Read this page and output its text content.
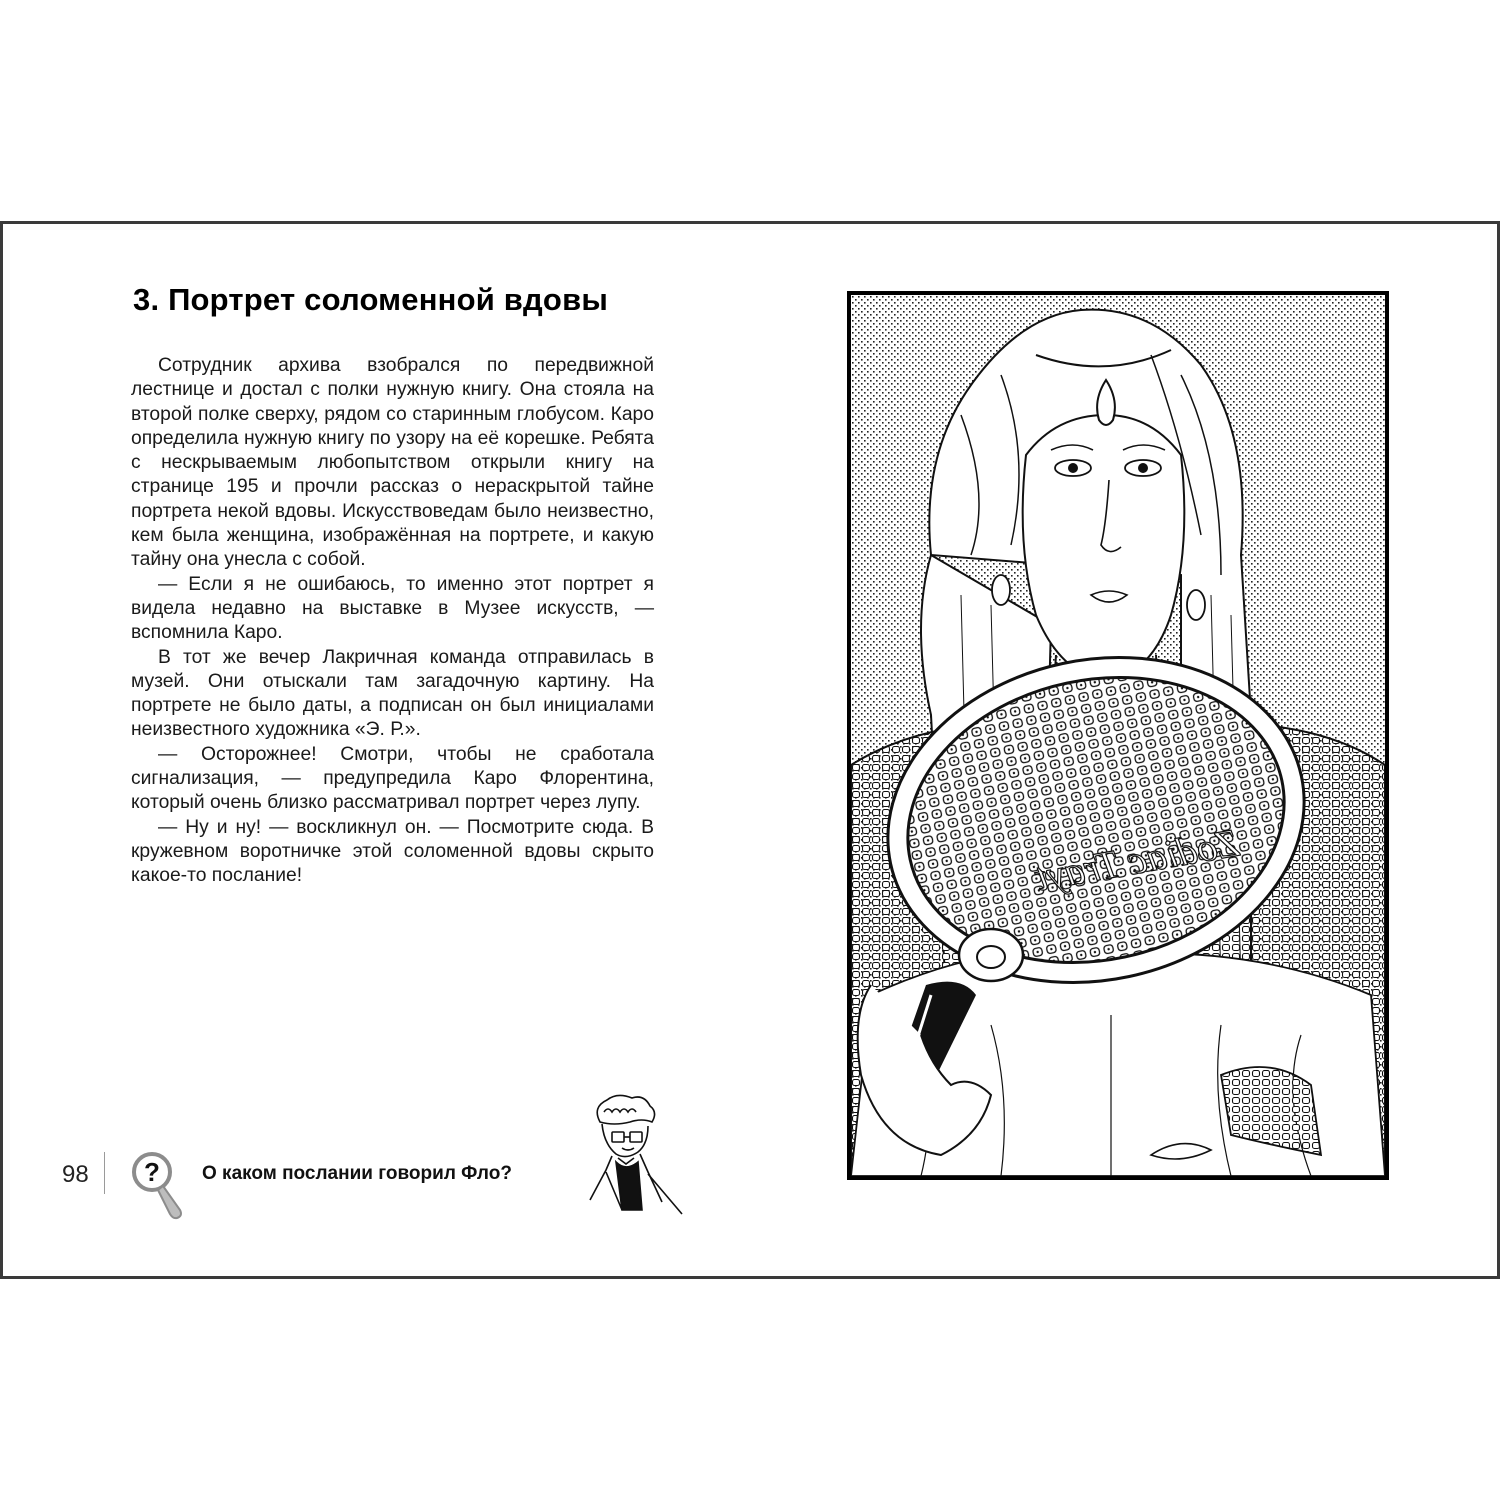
3. Портрет соломенной вдовы

Сотрудник архива взобрался по передвижной лестнице и достал с полки нужную книгу. Она стояла на второй полке сверху, рядом со старинным глобусом. Каро определила нужную книгу по узору на её корешке. Ребята с нескрываемым любопытством открыли книгу на странице 195 и прочли рассказ о нераскрытой тайне портрета некой вдовы. Искусствоведам было неизвестно, кем была женщина, изображённая на портрете, и какую тайну она унесла с собой.

— Если я не ошибаюсь, то именно этот портрет я видела недавно на выставке в Музее искусств, — вспомнила Каро.

В тот же вечер Лакричная команда отправилась в музей. Они отыскали там загадочную картину. На портрете не было даты, а подписан он был инициалами неизвестного художника «Э. Р.».

— Осторожнее! Смотри, чтобы не сработала сигнализация, — предупредила Каро Флорентина, который очень близко рассматривал портрет через лупу.

— Ну и ну! — воскликнул он. — Посмотрите сюда. В кружевном воротничке этой соломенной вдовы скрыто какое-то послание!

98 ? О каком послании говорил Фло?
Zodiac Trayt
